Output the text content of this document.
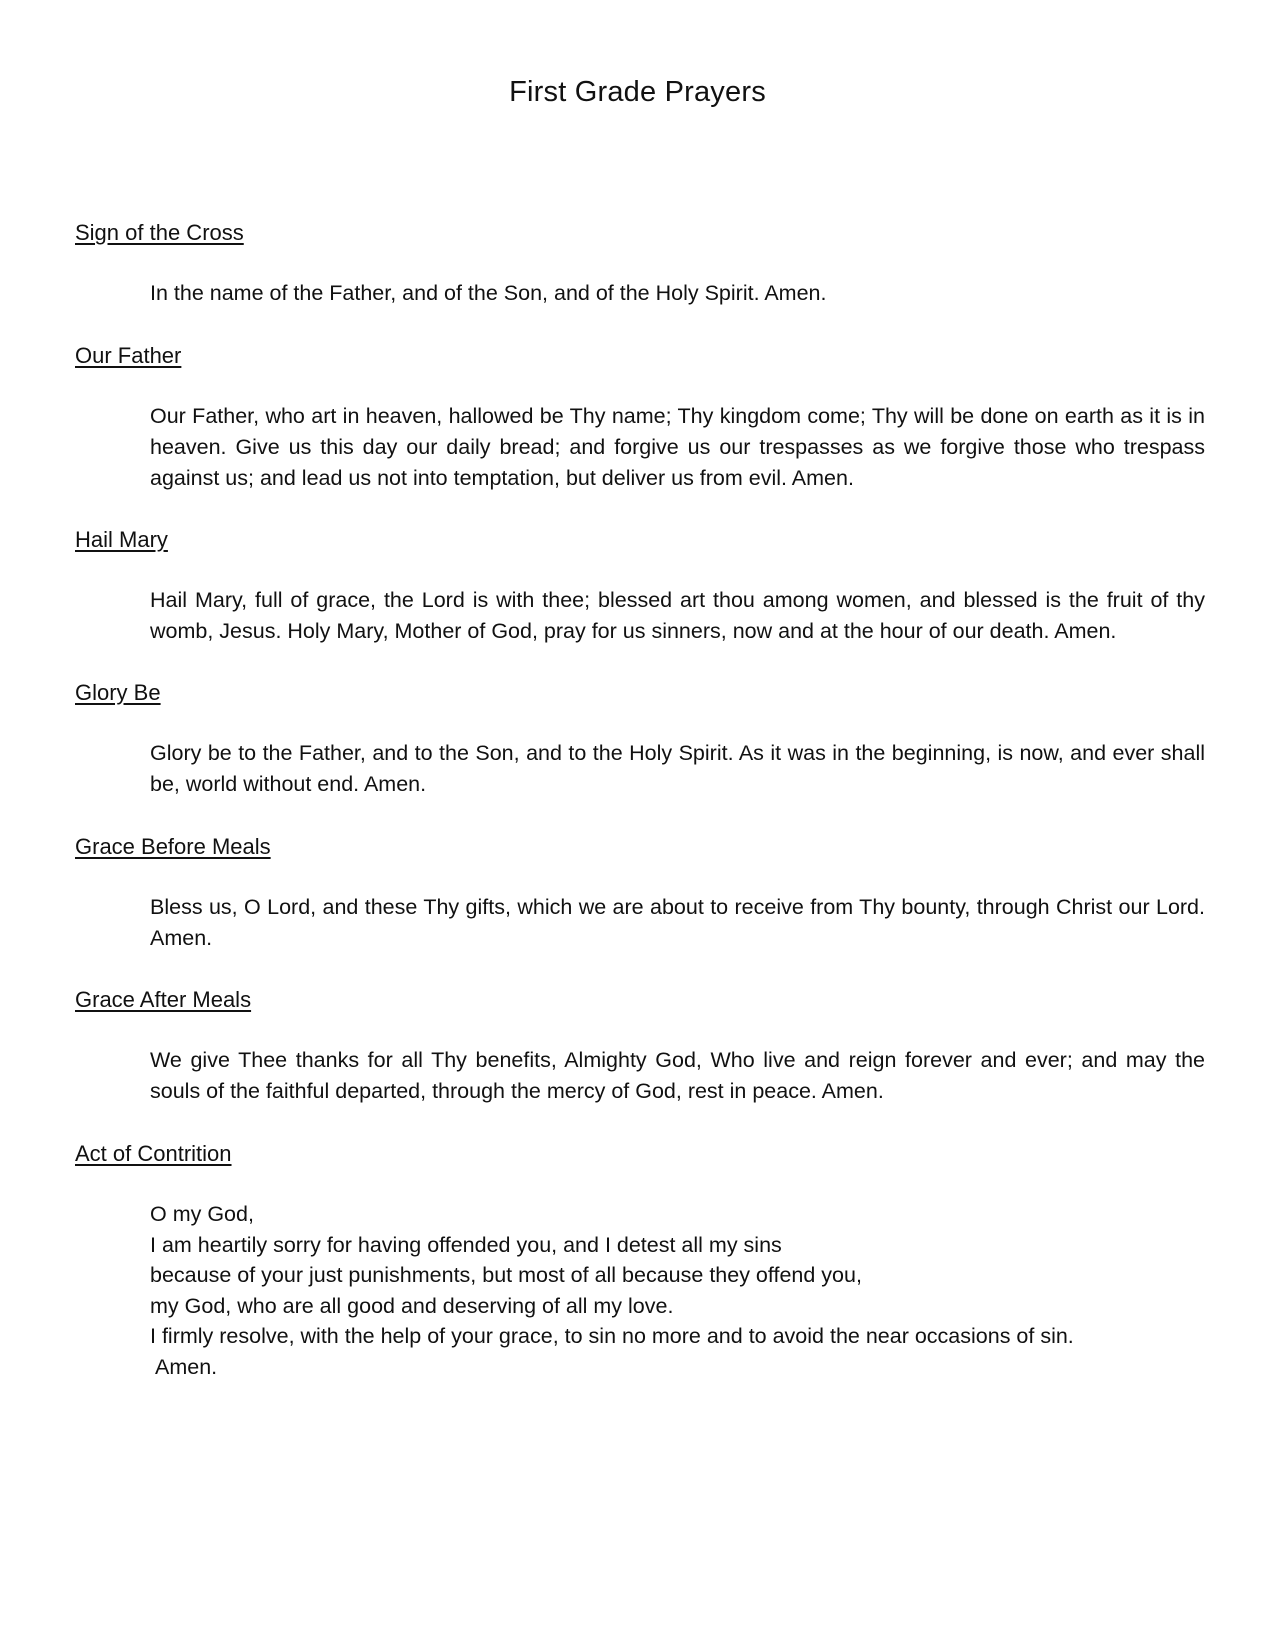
First Grade Prayers
Sign of the Cross

In the name of the Father, and of the Son, and of the Holy Spirit. Amen.

Our Father

Our Father, who art in heaven, hallowed be Thy name; Thy kingdom come; Thy will be done on earth as it is in heaven. Give us this day our daily bread; and forgive us our trespasses as we forgive those who trespass against us; and lead us not into temptation, but deliver us from evil. Amen.

Hail Mary

Hail Mary, full of grace, the Lord is with thee; blessed art thou among women, and blessed is the fruit of thy womb, Jesus. Holy Mary, Mother of God, pray for us sinners, now and at the hour of our death. Amen.

Glory Be

Glory be to the Father, and to the Son, and to the Holy Spirit. As it was in the beginning, is now, and ever shall be, world without end. Amen.

Grace Before Meals

Bless us, O Lord, and these Thy gifts, which we are about to receive from Thy bounty, through Christ our Lord. Amen.

Grace After Meals

We give Thee thanks for all Thy benefits, Almighty God, Who live and reign forever and ever; and may the souls of the faithful departed, through the mercy of God, rest in peace. Amen.

Act of Contrition
O my God,
I am heartily sorry for having offended you, and I detest all my sins
because of your just punishments, but most of all because they offend you,
my God, who are all good and deserving of all my love.
I firmly resolve, with the help of your grace, to sin no more and to avoid the near occasions of sin.
Amen.
